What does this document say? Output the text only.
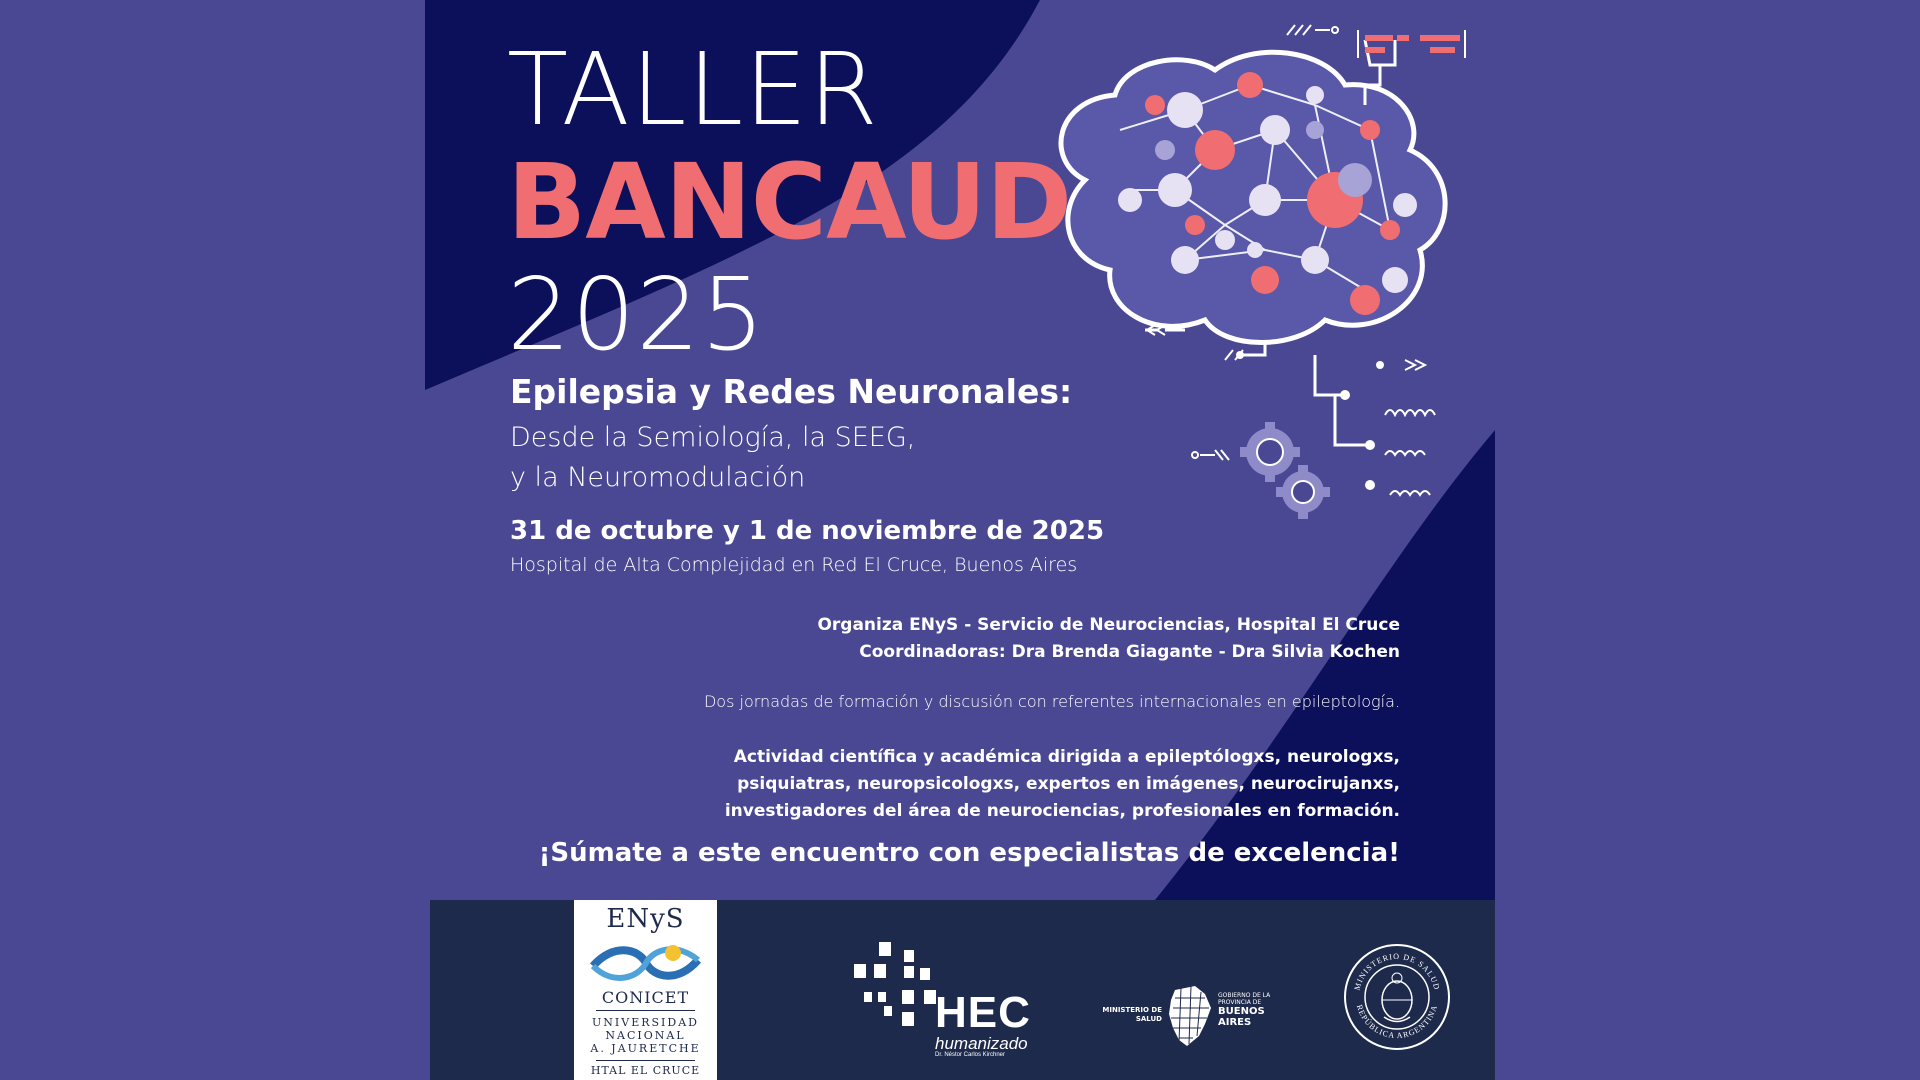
TALLER
BANCAUD
2025
Epilepsia y Redes Neuronales:

Desde la Semiología, la SEEG,

y la Neuromodulación

31 de octubre y 1 de noviembre de 2025

Hospital de Alta Complejidad en Red El Cruce, Buenos Aires

Organiza ENyS - Servicio de Neurociencias, Hospital El Cruce
Coordinadoras: Dra Brenda Giagante - Dra Silvia Kochen

Dos jornadas de formación y discusión con referentes internacionales en epileptología.

Actividad científica y académica dirigida a epileptólogxs, neurologxs,
psiquiatras, neuropsicologxs, expertos en imágenes, neurocirujanxs,
investigadores del área de neurociencias, profesionales en formación.

¡Súmate a este encuentro con especialistas de excelencia!

ENyS
CONICET
UNIVERSIDAD
NACIONAL
A. JAURETCHE
HTAL EL CRUCE
HEC
humanizado
Dr. Néstor Carlos Kirchner
MINISTERIO DE
SALUD
GOBIERNO DE LA
PROVINCIA DE
BUENOS
AIRES
MINISTERIO DE SALUD
REPÚBLICA ARGENTINA
